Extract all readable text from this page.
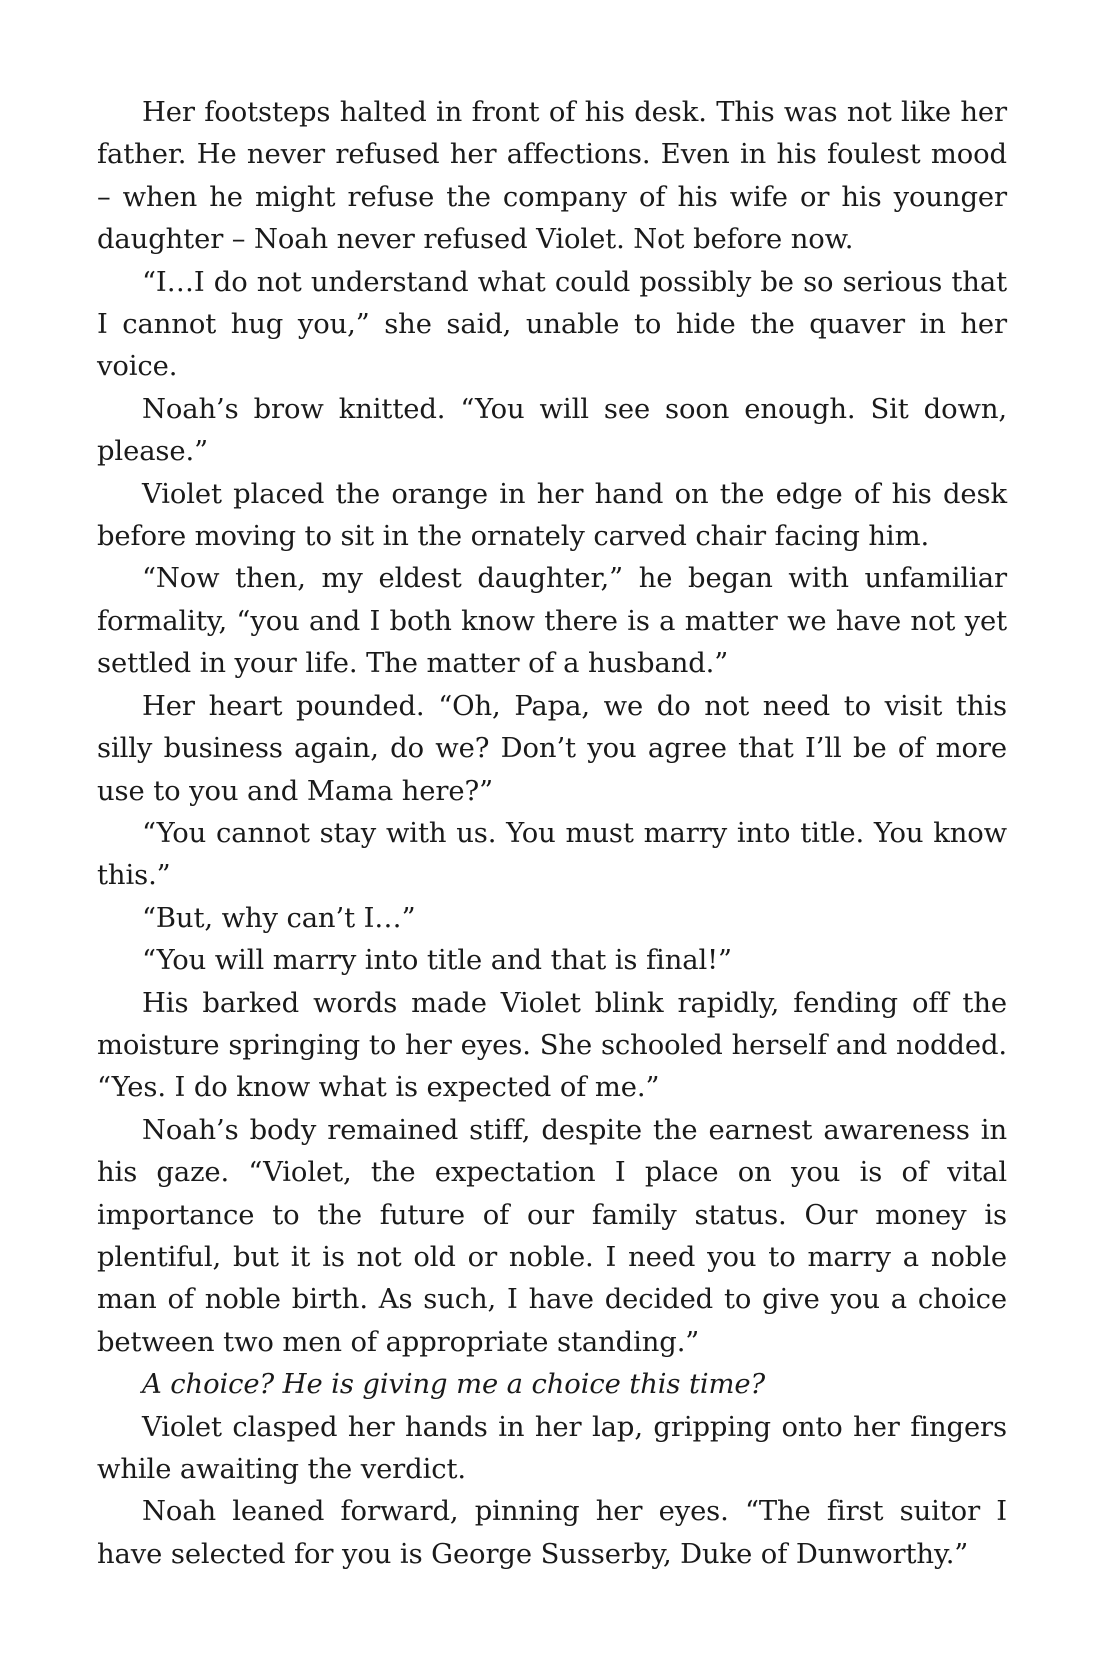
Her footsteps halted in front of his desk. This was not like her father. He never refused her affections. Even in his foulest mood – when he might refuse the company of his wife or his younger daughter – Noah never refused Violet. Not before now.

“I…I do not understand what could possibly be so serious that I cannot hug you,” she said, unable to hide the quaver in her voice.

Noah’s brow knitted. “You will see soon enough. Sit down, please.”

Violet placed the orange in her hand on the edge of his desk before moving to sit in the ornately carved chair facing him.

“Now then, my eldest daughter,” he began with unfamiliar formality, “you and I both know there is a matter we have not yet settled in your life. The matter of a husband.”

Her heart pounded. “Oh, Papa, we do not need to visit this silly business again, do we? Don’t you agree that I’ll be of more use to you and Mama here?”

“You cannot stay with us. You must marry into title. You know this.”

“But, why can’t I…”

“You will marry into title and that is final!”

His barked words made Violet blink rapidly, fending off the moisture springing to her eyes. She schooled herself and nodded. “Yes. I do know what is expected of me.”

Noah’s body remained stiff, despite the earnest awareness in his gaze. “Violet, the expectation I place on you is of vital importance to the future of our family status. Our money is plentiful, but it is not old or noble. I need you to marry a noble man of noble birth. As such, I have decided to give you a choice between two men of appropriate standing.”

A choice? He is giving me a choice this time?

Violet clasped her hands in her lap, gripping onto her fingers while awaiting the verdict.

Noah leaned forward, pinning her eyes. “The first suitor I have selected for you is George Susserby, Duke of Dunworthy.”
